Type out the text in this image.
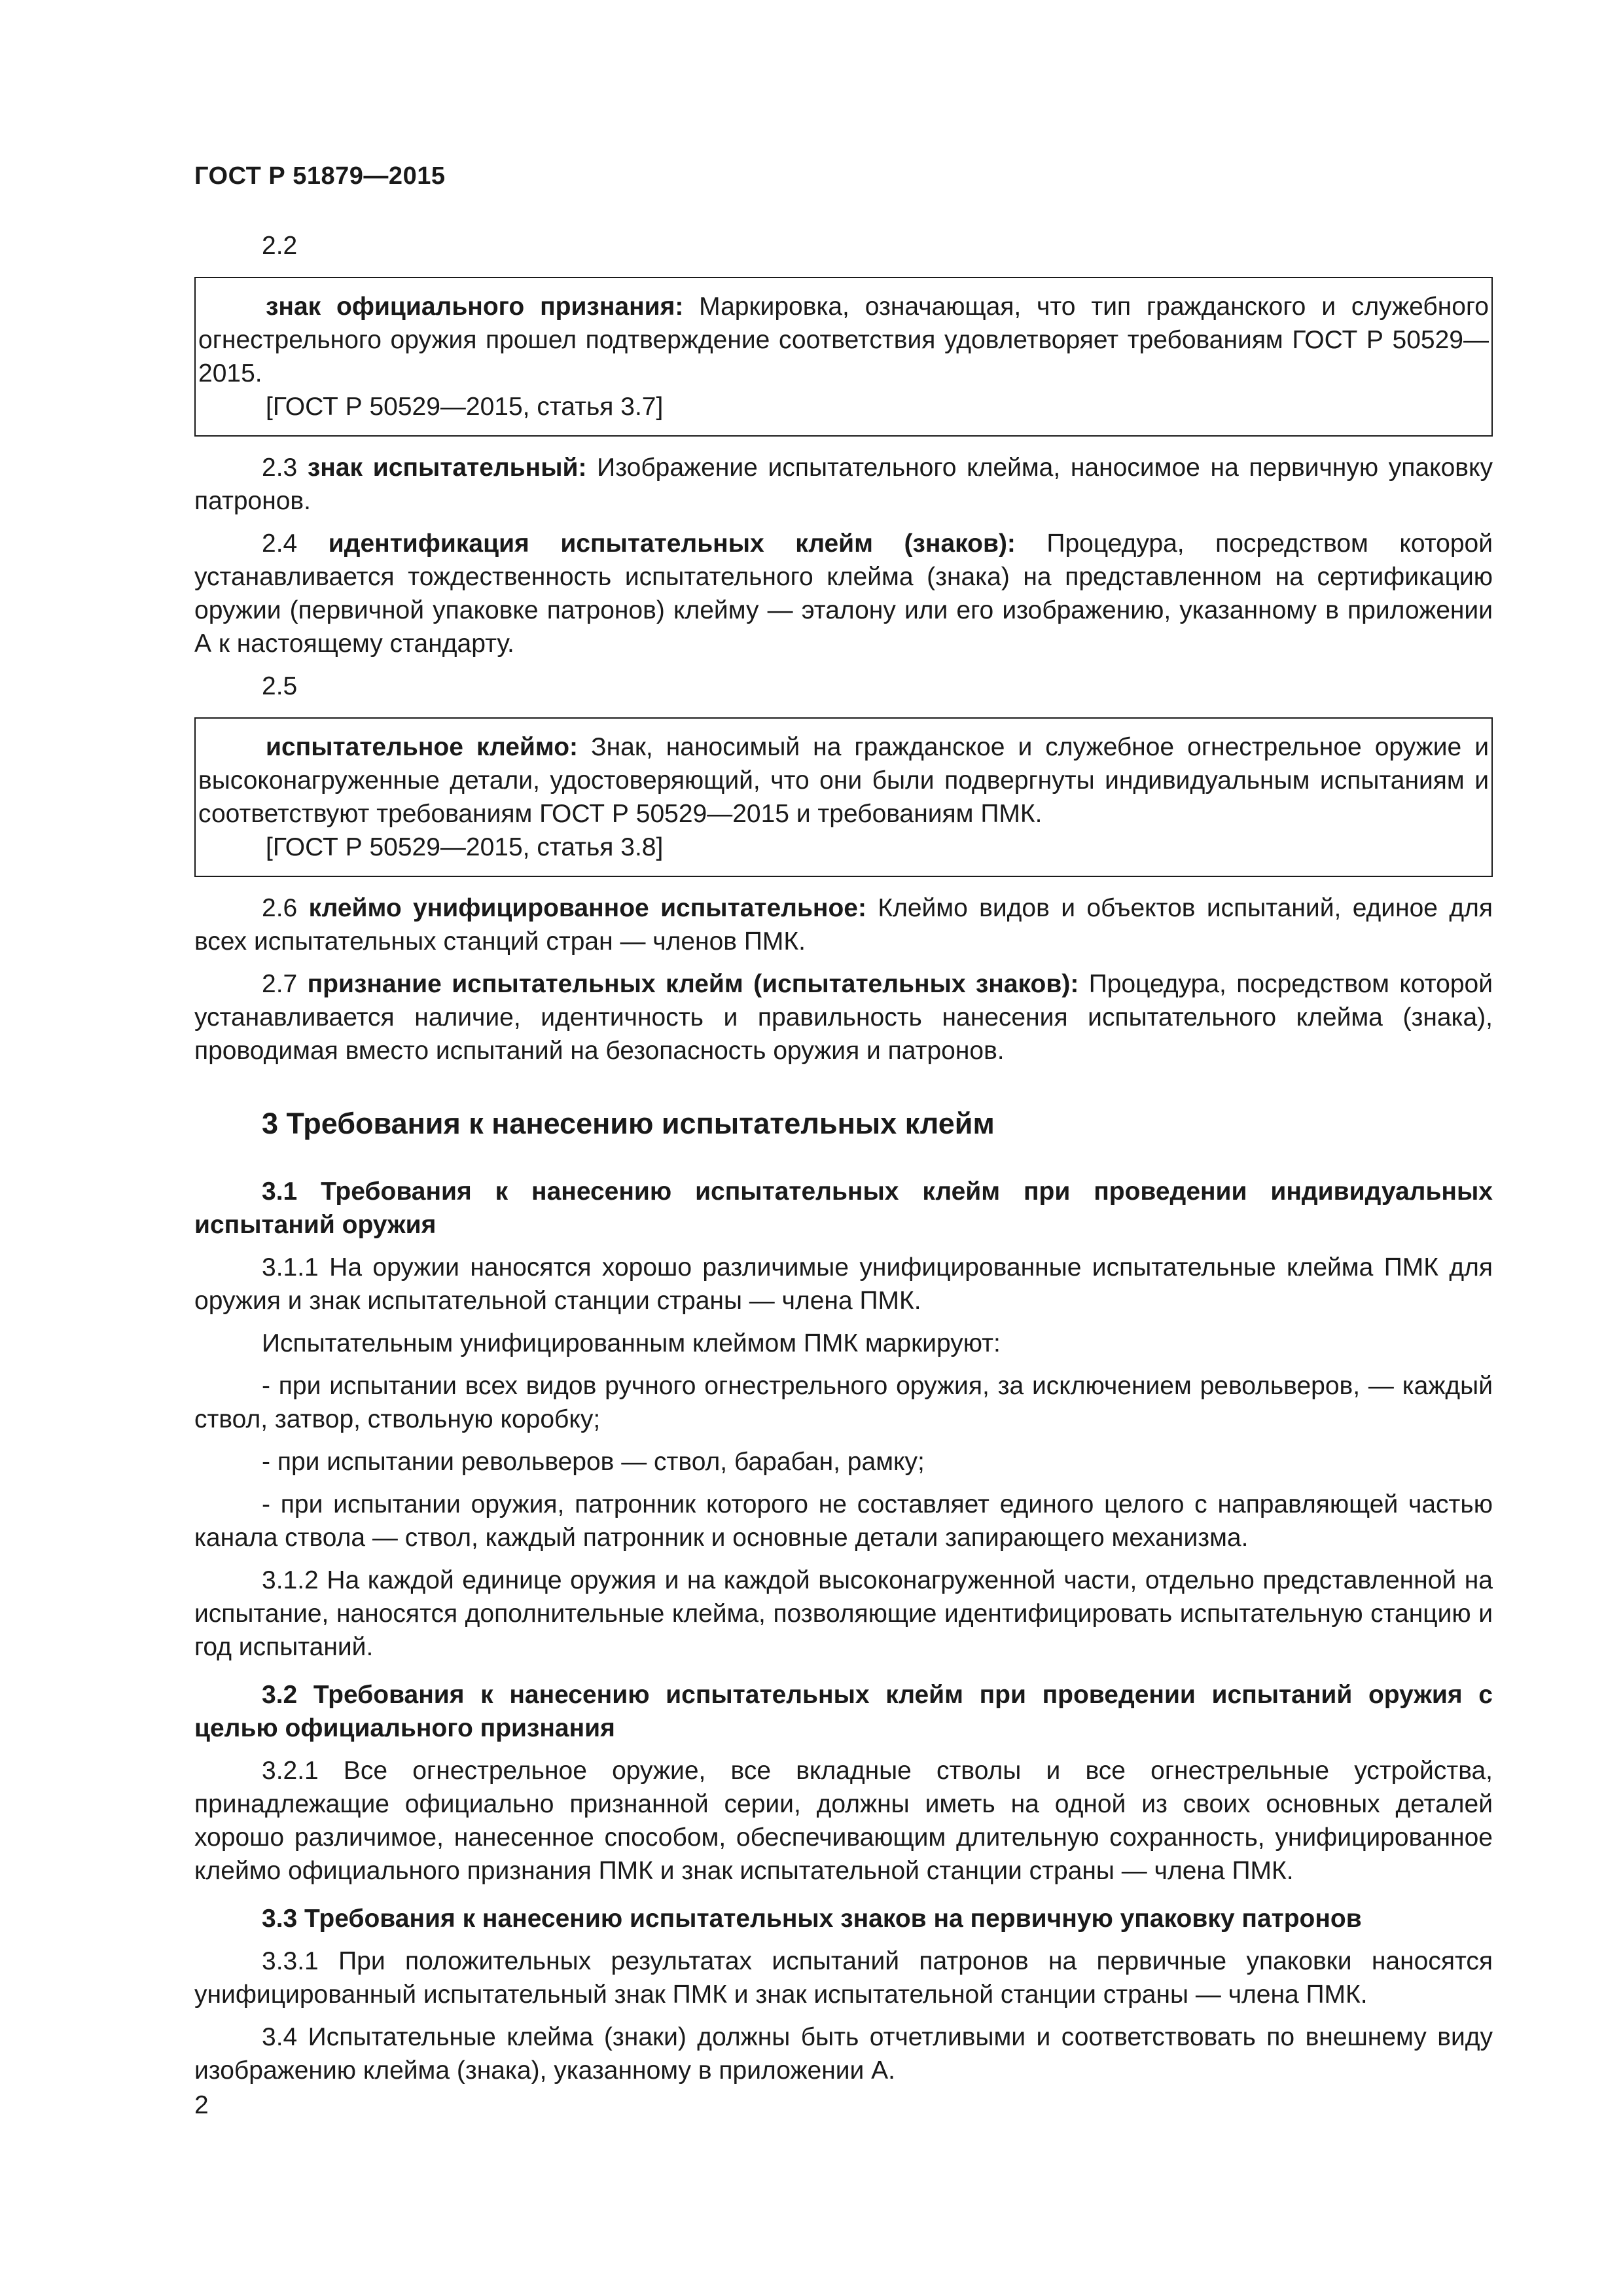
ГОСТ Р 51879—2015

2.2

знак официального признания: Маркировка, означающая, что тип гражданского и служебного огнестрельного оружия прошел подтверждение соответствия удовлетворяет требованиям ГОСТ Р 50529—2015.

[ГОСТ Р 50529—2015, статья 3.7]

2.3 знак испытательный: Изображение испытательного клейма, наносимое на первичную упаковку патронов.

2.4 идентификация испытательных клейм (знаков): Процедура, посредством которой устанавливается тождественность испытательного клейма (знака) на представленном на сертификацию оружии (первичной упаковке патронов) клейму — эталону или его изображению, указанному в приложении А к настоящему стандарту.

2.5

испытательное клеймо: Знак, наносимый на гражданское и служебное огнестрельное оружие и высоконагруженные детали, удостоверяющий, что они были подвергнуты индивидуальным испытаниям и соответствуют требованиям ГОСТ Р 50529—2015 и требованиям ПМК.

[ГОСТ Р 50529—2015, статья 3.8]

2.6 клеймо унифицированное испытательное: Клеймо видов и объектов испытаний, единое для всех испытательных станций стран — членов ПМК.

2.7 признание испытательных клейм (испытательных знаков): Процедура, посредством которой устанавливается наличие, идентичность и правильность нанесения испытательного клейма (знака), проводимая вместо испытаний на безопасность оружия и патронов.

3 Требования к нанесению испытательных клейм

3.1 Требования к нанесению испытательных клейм при проведении индивидуальных испытаний оружия

3.1.1 На оружии наносятся хорошо различимые унифицированные испытательные клейма ПМК для оружия и знак испытательной станции страны — члена ПМК.

Испытательным унифицированным клеймом ПМК маркируют:

- при испытании всех видов ручного огнестрельного оружия, за исключением револьверов, — каждый ствол, затвор, ствольную коробку;

- при испытании револьверов — ствол, барабан, рамку;

- при испытании оружия, патронник которого не составляет единого целого с направляющей частью канала ствола — ствол, каждый патронник и основные детали запирающего механизма.

3.1.2 На каждой единице оружия и на каждой высоконагруженной части, отдельно представленной на испытание, наносятся дополнительные клейма, позволяющие идентифицировать испытательную станцию и год испытаний.

3.2 Требования к нанесению испытательных клейм при проведении испытаний оружия с целью официального признания

3.2.1 Все огнестрельное оружие, все вкладные стволы и все огнестрельные устройства, принадлежащие официально признанной серии, должны иметь на одной из своих основных деталей хорошо различимое, нанесенное способом, обеспечивающим длительную сохранность, унифицированное клеймо официального признания ПМК и знак испытательной станции страны — члена ПМК.

3.3 Требования к нанесению испытательных знаков на первичную упаковку патронов

3.3.1 При положительных результатах испытаний патронов на первичные упаковки наносятся унифицированный испытательный знак ПМК и знак испытательной станции страны — члена ПМК.

3.4 Испытательные клейма (знаки) должны быть отчетливыми и соответствовать по внешнему виду изображению клейма (знака), указанному в приложении А.

2
